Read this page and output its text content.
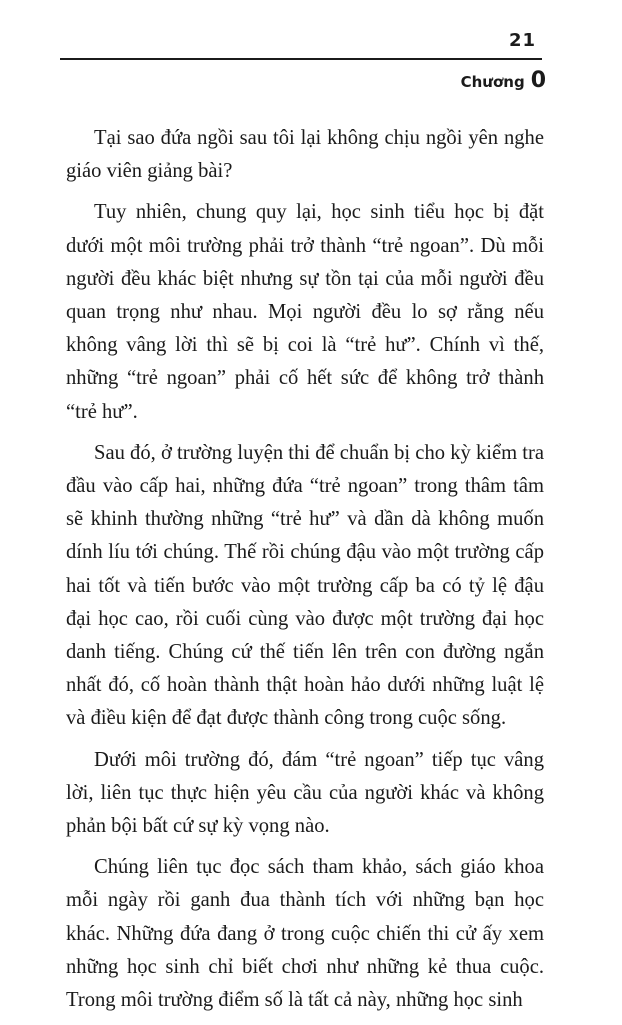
21
Chương 0

Tại sao đứa ngồi sau tôi lại không chịu ngồi yên nghe giáo viên giảng bài?

Tuy nhiên, chung quy lại, học sinh tiểu học bị đặt dưới một môi trường phải trở thành “trẻ ngoan”. Dù mỗi người đều khác biệt nhưng sự tồn tại của mỗi người đều quan trọng như nhau. Mọi người đều lo sợ rằng nếu không vâng lời thì sẽ bị coi là “trẻ hư”. Chính vì thế, những “trẻ ngoan” phải cố hết sức để không trở thành “trẻ hư”.

Sau đó, ở trường luyện thi để chuẩn bị cho kỳ kiểm tra đầu vào cấp hai, những đứa “trẻ ngoan” trong thâm tâm sẽ khinh thường những “trẻ hư” và dần dà không muốn dính líu tới chúng. Thế rồi chúng đậu vào một trường cấp hai tốt và tiến bước vào một trường cấp ba có tỷ lệ đậu đại học cao, rồi cuối cùng vào được một trường đại học danh tiếng. Chúng cứ thế tiến lên trên con đường ngắn nhất đó, cố hoàn thành thật hoàn hảo dưới những luật lệ và điều kiện để đạt được thành công trong cuộc sống.

Dưới môi trường đó, đám “trẻ ngoan” tiếp tục vâng lời, liên tục thực hiện yêu cầu của người khác và không phản bội bất cứ sự kỳ vọng nào.

Chúng liên tục đọc sách tham khảo, sách giáo khoa mỗi ngày rồi ganh đua thành tích với những bạn học khác. Những đứa đang ở trong cuộc chiến thi cử ấy xem những học sinh chỉ biết chơi như những kẻ thua cuộc. Trong môi trường điểm số là tất cả này, những học sinh
